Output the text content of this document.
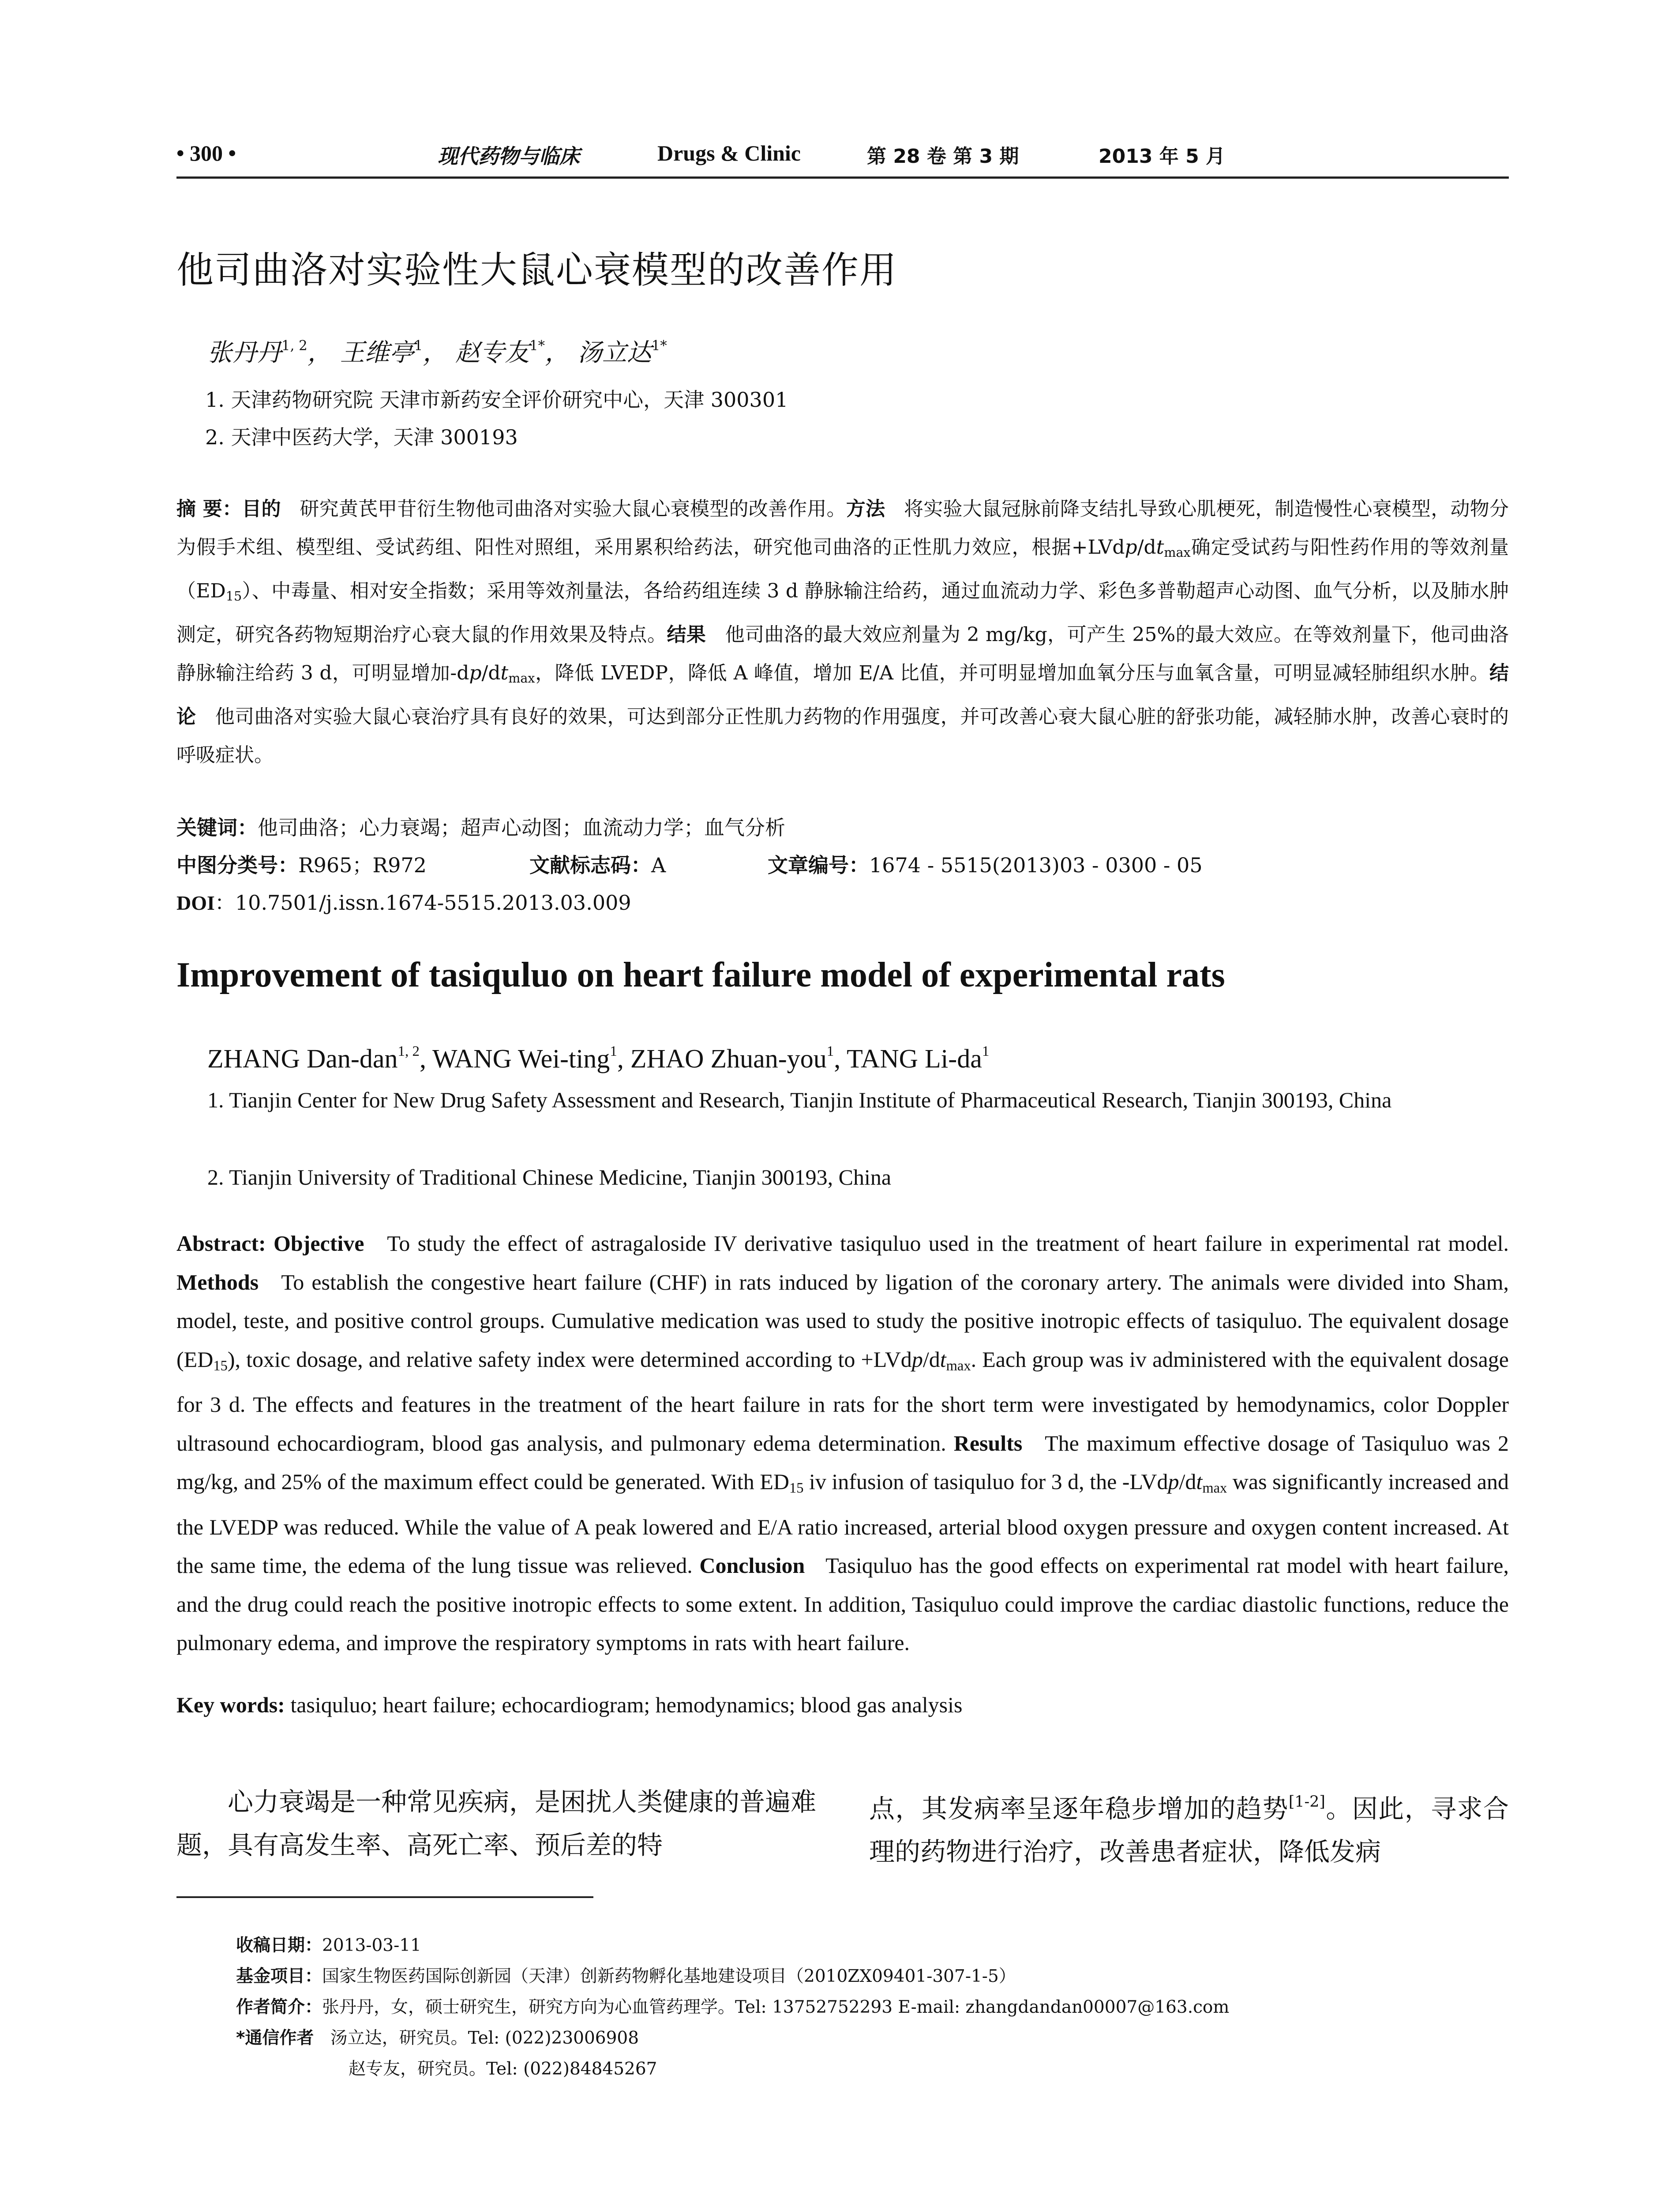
• 300 •	现代药物与临床	Drugs & Clinic	第 28 卷 第 3 期	2013 年 5 月
他司曲洛对实验性大鼠心衰模型的改善作用
张丹丹$^{1, 2}$， 王维亭$^1$， 赵专友$^{1*}$， 汤立达$^{1*}$
1. 天津药物研究院 天津市新药安全评价研究中心，天津 300301
2. 天津中医药大学，天津 300193
摘 要：目的 研究黄芪甲苷衍生物他司曲洛对实验大鼠心衰模型的改善作用。方法 将实验大鼠冠脉前降支结扎导致心肌梗死，制造慢性心衰模型，动物分为假手术组、模型组、受试药组、阳性对照组，采用累积给药法，研究他司曲洛的正性肌力效应，根据$+LVdp/dt_{max}$确定受试药与阳性药作用的等效剂量$(ED_{15})$、中毒量、相对安全指数；采用等效剂量法，各给药组连续 3 d 静脉输注给药，通过血流动力学、彩色多普勒超声心动图、血气分析，以及肺水肿测定，研究各药物短期治疗心衰大鼠的作用效果及特点。结果 他司曲洛的最大效应剂量为 2 mg/kg，可产生 25%的最大效应。在等效剂量下，他司曲洛静脉输注给药 3 d，可明显增加$-dp/dt_{max}$，降低 LVEDP，降低 A 峰值，增加 E/A 比值，并可明显增加血氧分压与血氧含量，可明显减轻肺组织水肿。结论 他司曲洛对实验大鼠心衰治疗具有良好的效果，可达到部分正性肌力药物的作用强度，并可改善心衰大鼠心脏的舒张功能，减轻肺水肿，改善心衰时的呼吸症状。
关键词：他司曲洛；心力衰竭；超声心动图；血流动力学；血气分析
中图分类号：R965；R972	文献标志码：A	文章编号：1674 - 5515(2013)03 - 0300 - 05
DOI：10.7501/j.issn.1674-5515.2013.03.009
Improvement of tasiquluo on heart failure model of experimental rats
ZHANG Dan-dan$^{1, 2}$, WANG Wei-ting$^1$, ZHAO Zhuan-you$^1$, TANG $Li-da^1$
1. Tianjin Center for New Drug Safety Assessment and Research, Tianjin Institute of Pharmaceutical Research, Tianjin 300193, China
2. Tianjin University of Traditional Chinese Medicine, Tianjin 300193, China
Abstract: Objective To study the effect of astragaloside IV derivative tasiquluo used in the treatment of heart failure in experimental rat model. Methods To establish the congestive heart failure (CHF) in rats induced by ligation of the coronary artery. The animals were divided into Sham, model, teste, and positive control groups. Cumulative medication was used to study the positive inotropic effects of tasiquluo. The equivalent dosage $(ED_{15})$, toxic dosage, and relative safety index were determined according to $+LVdp/dt_{max}$. Each group was iv administered with the equivalent dosage for 3 d. The effects and features in the treatment of the heart failure in rats for the short term were investigated by hemodynamics, color Doppler ultrasound echocardiogram, blood gas analysis, and pulmonary edema determination. Results The maximum effective dosage of Tasiquluo was 2 mg/kg, and 25% of the maximum effect could be generated. With $ED_{15}$ iv infusion of tasiquluo for 3 d, the $-LVdp/dt_{max}$ was significantly increased and the LVEDP was reduced. While the value of A peak lowered and E/A ratio increased, arterial blood oxygen pressure and oxygen content increased. At the same time, the edema of the lung tissue was relieved. Conclusion Tasiquluo has the good effects on experimental rat model with heart failure, and the drug could reach the positive inotropic effects to some extent. In addition, Tasiquluo could improve the cardiac diastolic functions, reduce the pulmonary edema, and improve the respiratory symptoms in rats with heart failure.
Key words: tasiquluo; heart failure; echocardiogram; hemodynamics; blood gas analysis
心力衰竭是一种常见疾病，是困扰人类健康的普遍难题，具有高发生率、高死亡率、预后差的特
点，其发病率呈逐年稳步增加的趋势[1-2]。因此，寻求合理的药物进行治疗，改善患者症状，降低发病
收稿日期：2013-03-11
基金项目：国家生物医药国际创新园（天津）创新药物孵化基地建设项目（2010ZX09401-307-1-5）
作者简介：张丹丹，女，硕士研究生，研究方向为心血管药理学。Tel: 13752752293 E-mail: zhangdandan00007@163.com
*通信作者 汤立达，研究员。Tel: (022)23006908
赵专友，研究员。Tel: (022)84845267
